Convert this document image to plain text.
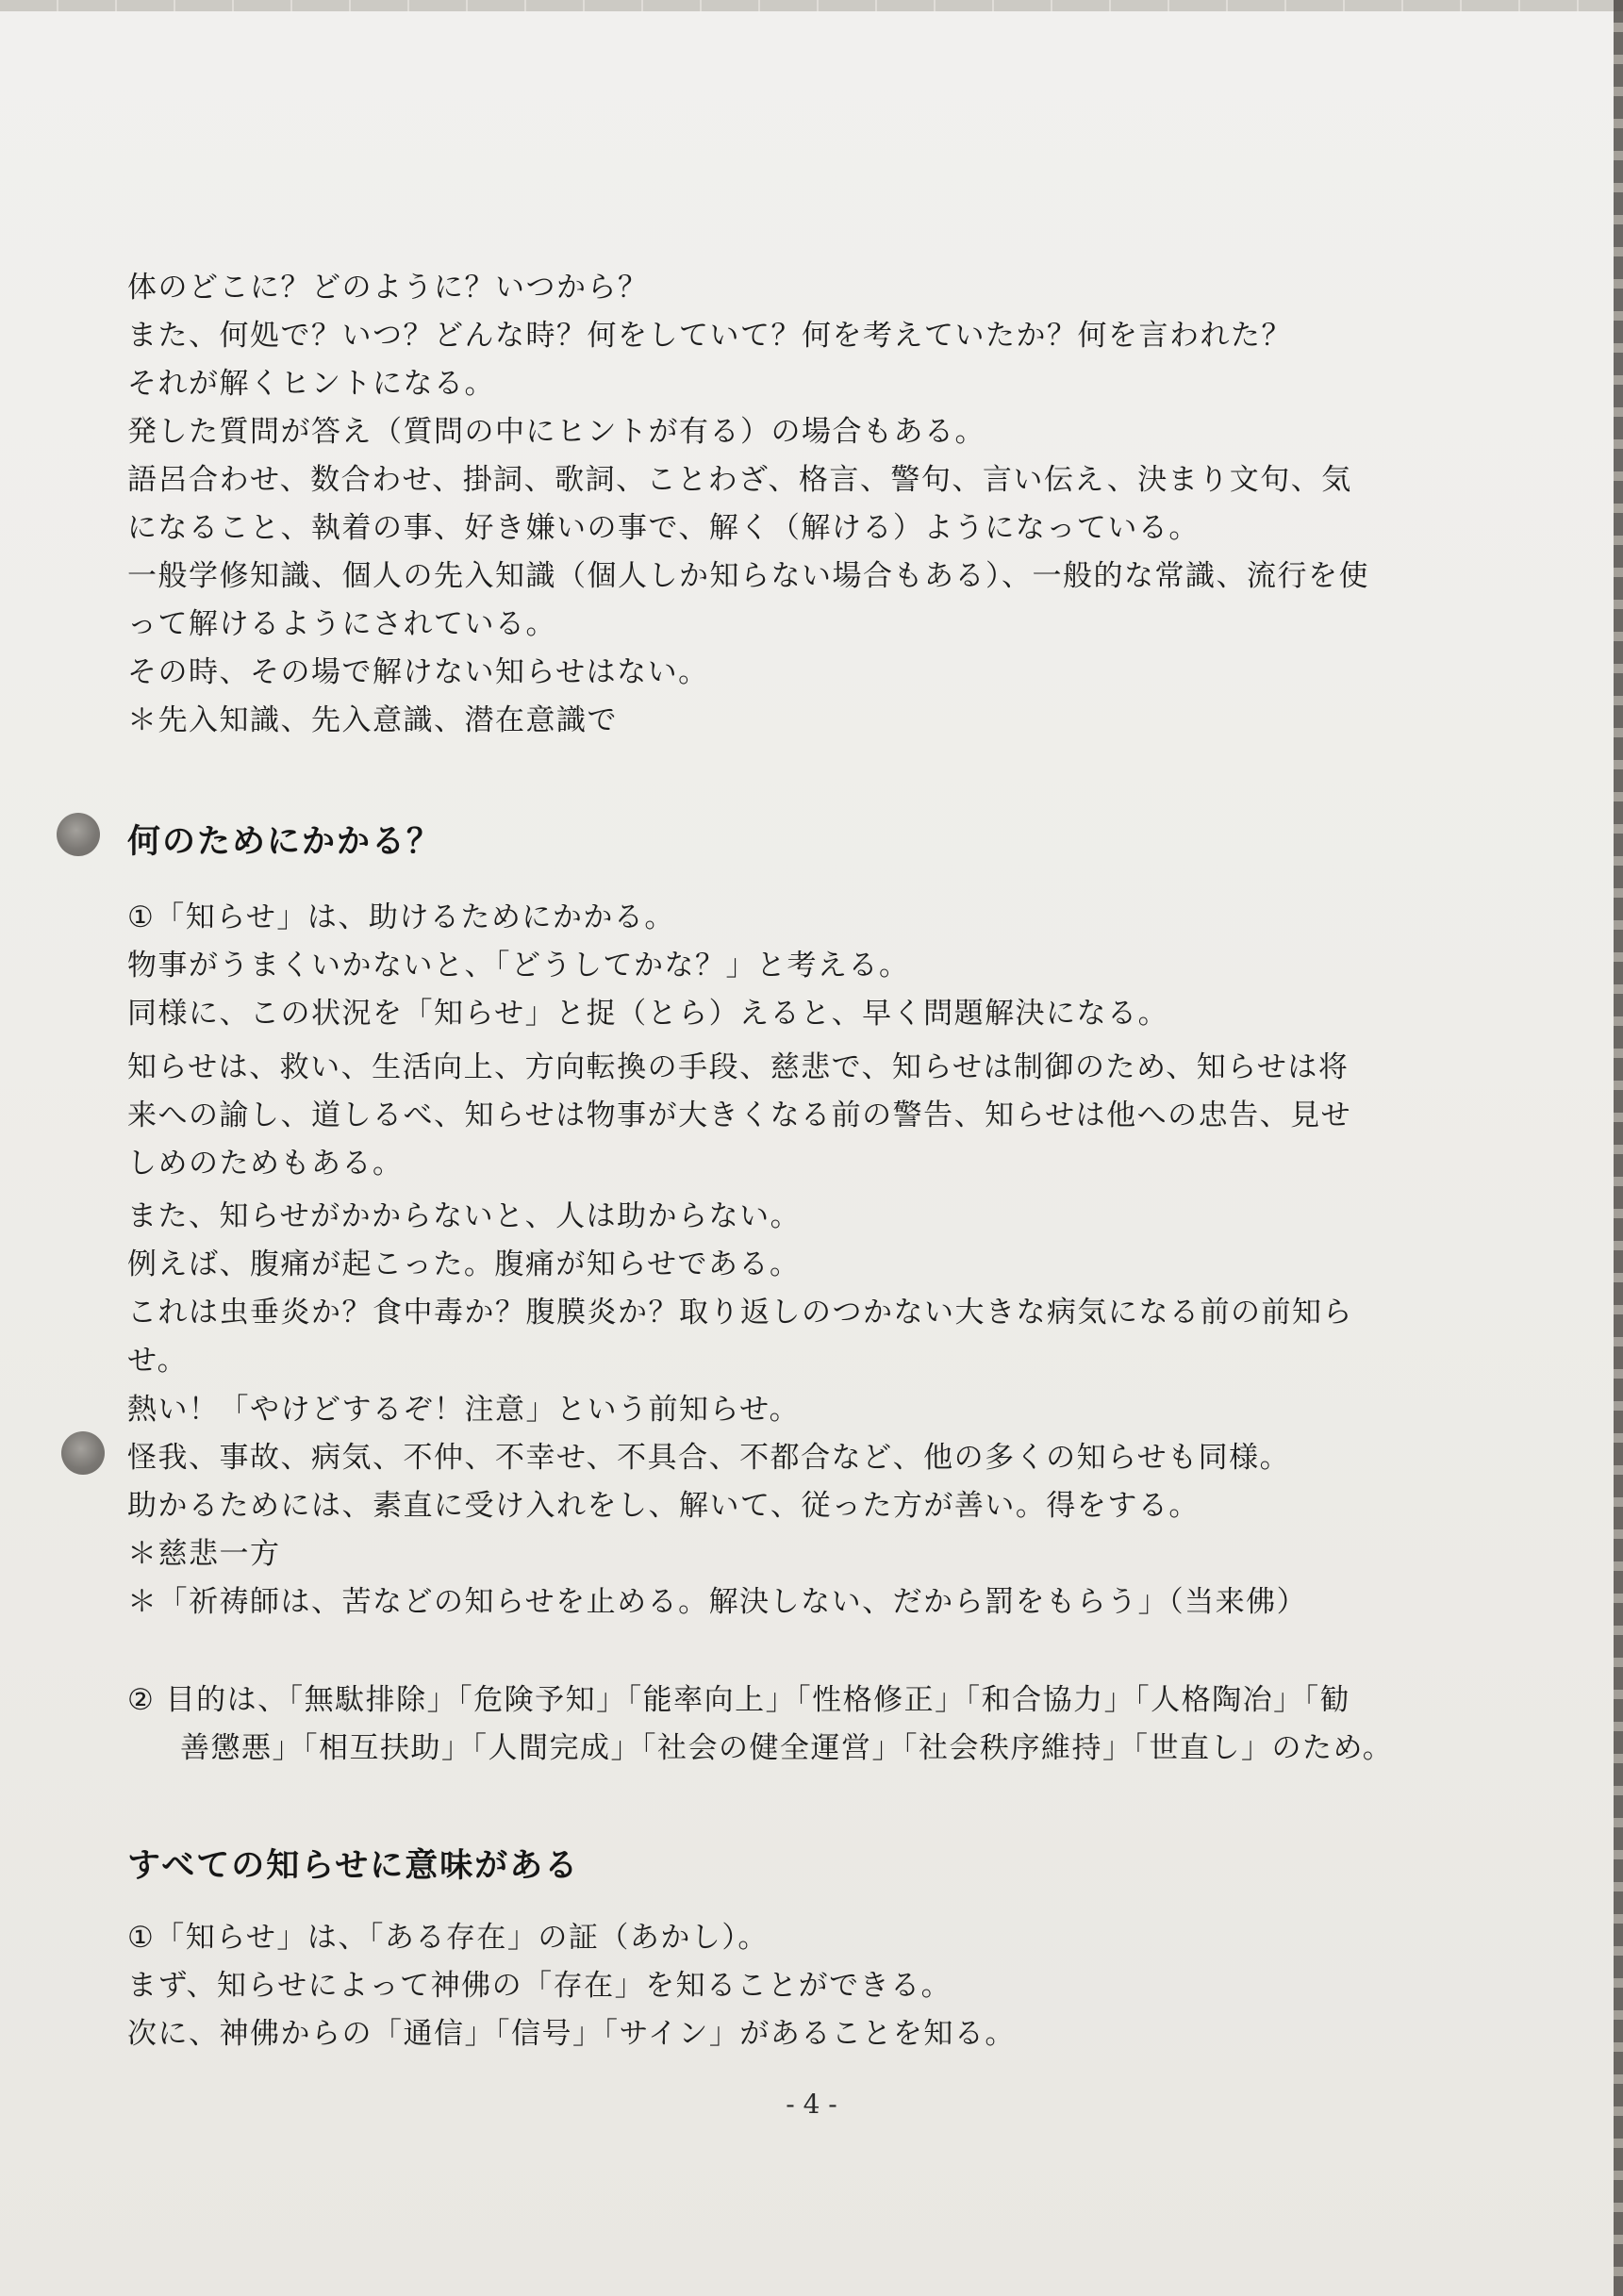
体のどこに？どのように？いつから？

また、何処で？いつ？どんな時？何をしていて？何を考えていたか？何を言われた？

それが解くヒントになる。

発した質問が答え（質問の中にヒントが有る）の場合もある。

語呂合わせ、数合わせ、掛詞、歌詞、ことわざ、格言、警句、言い伝え、決まり文句、気

になること、執着の事、好き嫌いの事で、解く（解ける）ようになっている。

一般学修知識、個人の先入知識（個人しか知らない場合もある）、一般的な常識、流行を使

って解けるようにされている。

その時、その場で解けない知らせはない。

＊先入知識、先入意識、潜在意識で

何のためにかかる？

①「知らせ」は、助けるためにかかる。

物事がうまくいかないと、「どうしてかな？」と考える。

同様に、この状況を「知らせ」と捉（とら）えると、早く問題解決になる。

知らせは、救い、生活向上、方向転換の手段、慈悲で、知らせは制御のため、知らせは将

来への諭し、道しるべ、知らせは物事が大きくなる前の警告、知らせは他への忠告、見せ

しめのためもある。

また、知らせがかからないと、人は助からない。

例えば、腹痛が起こった。腹痛が知らせである。

これは虫垂炎か？食中毒か？腹膜炎か？取り返しのつかない大きな病気になる前の前知ら

せ。

熱い！「やけどするぞ！注意」という前知らせ。

怪我、事故、病気、不仲、不幸せ、不具合、不都合など、他の多くの知らせも同様。

助かるためには、素直に受け入れをし、解いて、従った方が善い。得をする。

＊慈悲一方

＊「祈祷師は、苦などの知らせを止める。解決しない、だから罰をもらう」（当来佛）

② 目的は、「無駄排除」「危険予知」「能率向上」「性格修正」「和合協力」「人格陶冶」「勧

善懲悪」「相互扶助」「人間完成」「社会の健全運営」「社会秩序維持」「世直し」のため。

すべての知らせに意味がある

①「知らせ」は、「ある存在」の証（あかし）。

まず、知らせによって神佛の「存在」を知ることができる。

次に、神佛からの「通信」「信号」「サイン」があることを知る。

- 4 -
